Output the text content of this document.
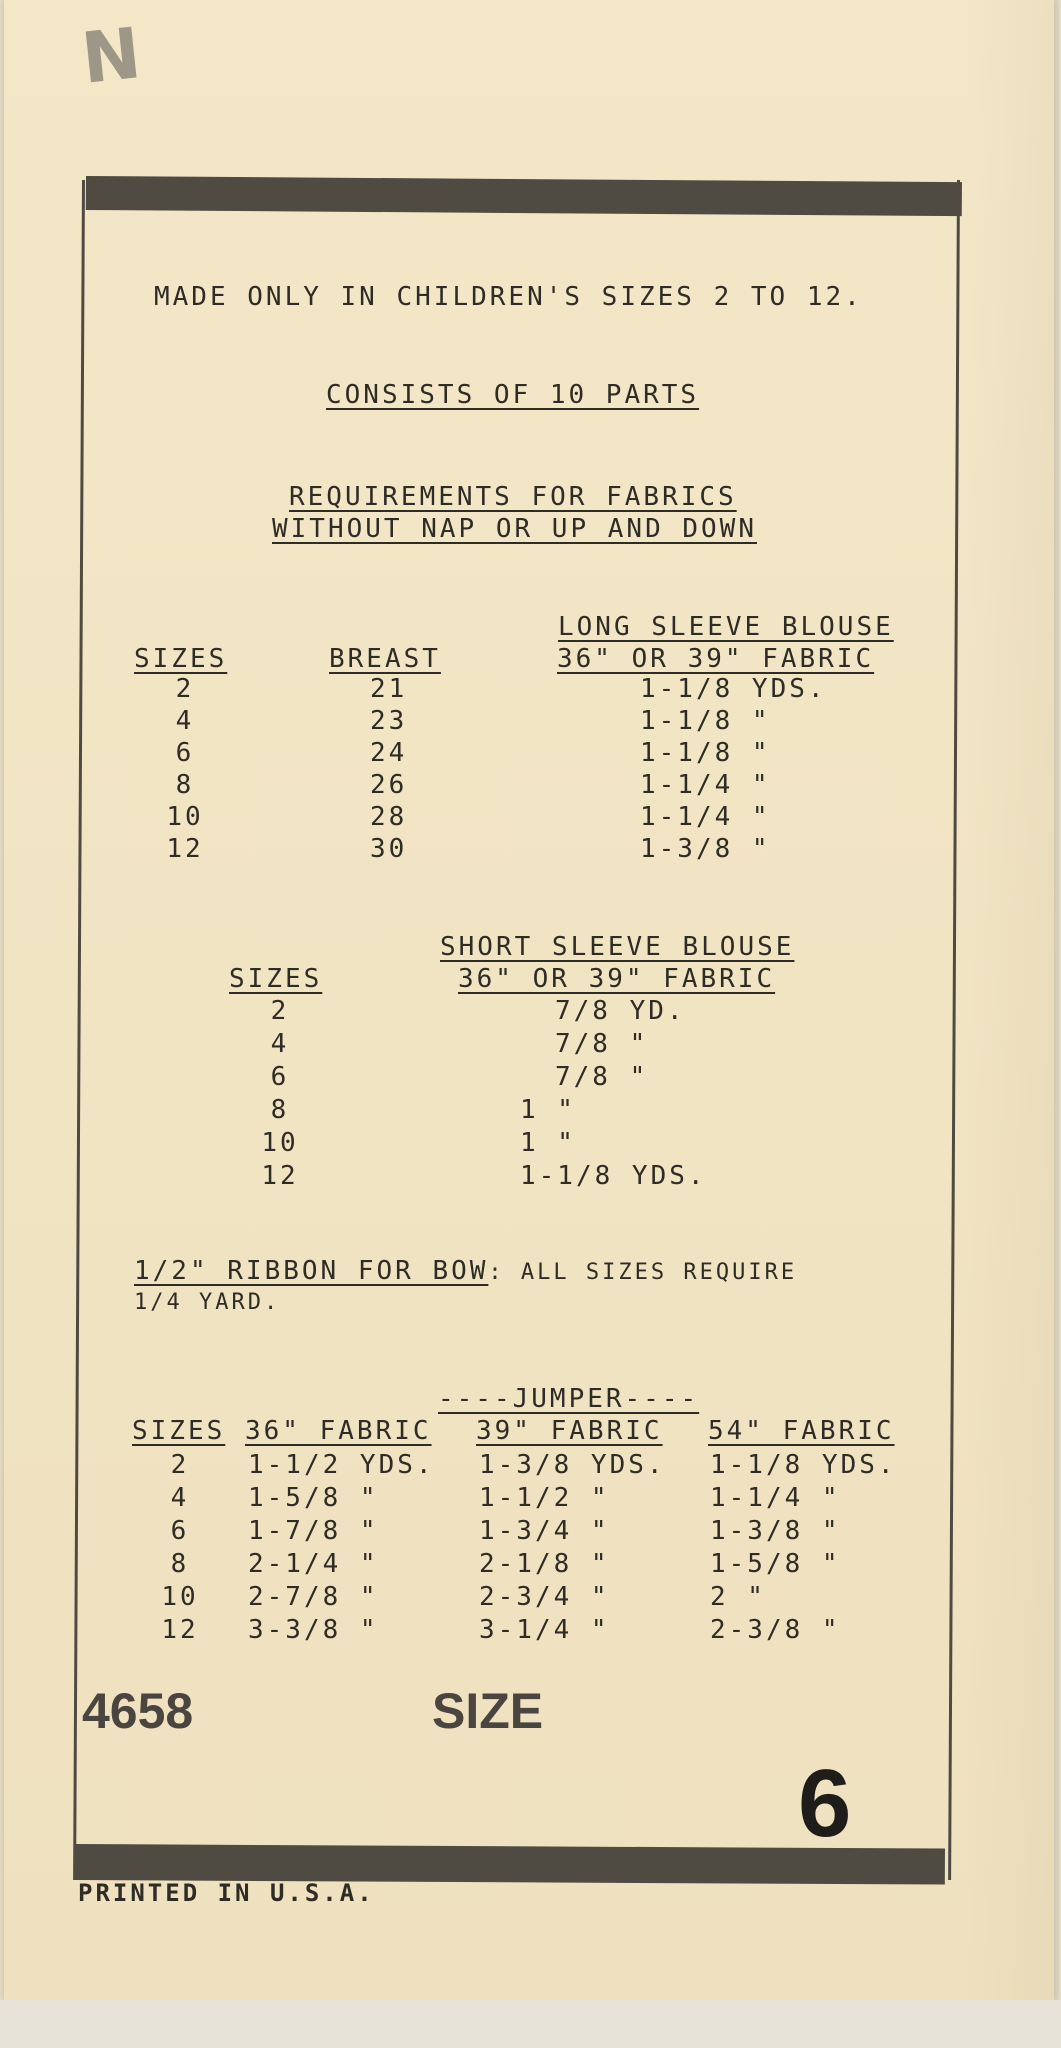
N
MADE ONLY IN CHILDREN'S SIZES 2 TO 12.
CONSISTS OF 10 PARTS
REQUIREMENTS FOR FABRICS
WITHOUT NAP OR UP AND DOWN
LONG SLEEVE BLOUSE
36" OR 39" FABRIC
SIZES	BREAST
2	21	1-1/8 YDS.
4	23	1-1/8 "
6	24	1-1/8 "
8	26	1-1/4 "
10	28	1-1/4 "
12	30	1-3/8 "
SHORT SLEEVE BLOUSE
36" OR 39" FABRIC
SIZES
2	7/8 YD.
4	7/8 "
6	7/8 "
8	1 "
10	1 "
12	1-1/8 YDS.
1/2" RIBBON FOR BOW: ALL SIZES REQUIRE
1/4 YARD.
----JUMPER----
SIZES 36" FABRIC 39" FABRIC 54" FABRIC
2	1-1/2 YDS. 1-3/8 YDS. 1-1/8 YDS.
4	1-5/8 "	1-1/2 "	1-1/4 "
6	1-7/8 "	1-3/4 "	1-3/8 "
8	2-1/4 "	2-1/8 "	1-5/8 "
10	2-7/8 "	2-3/4 "	2 "
12	3-3/8 "	3-1/4 "	2-3/8 "
4658	SIZE
6
PRINTED IN U.S.A.
